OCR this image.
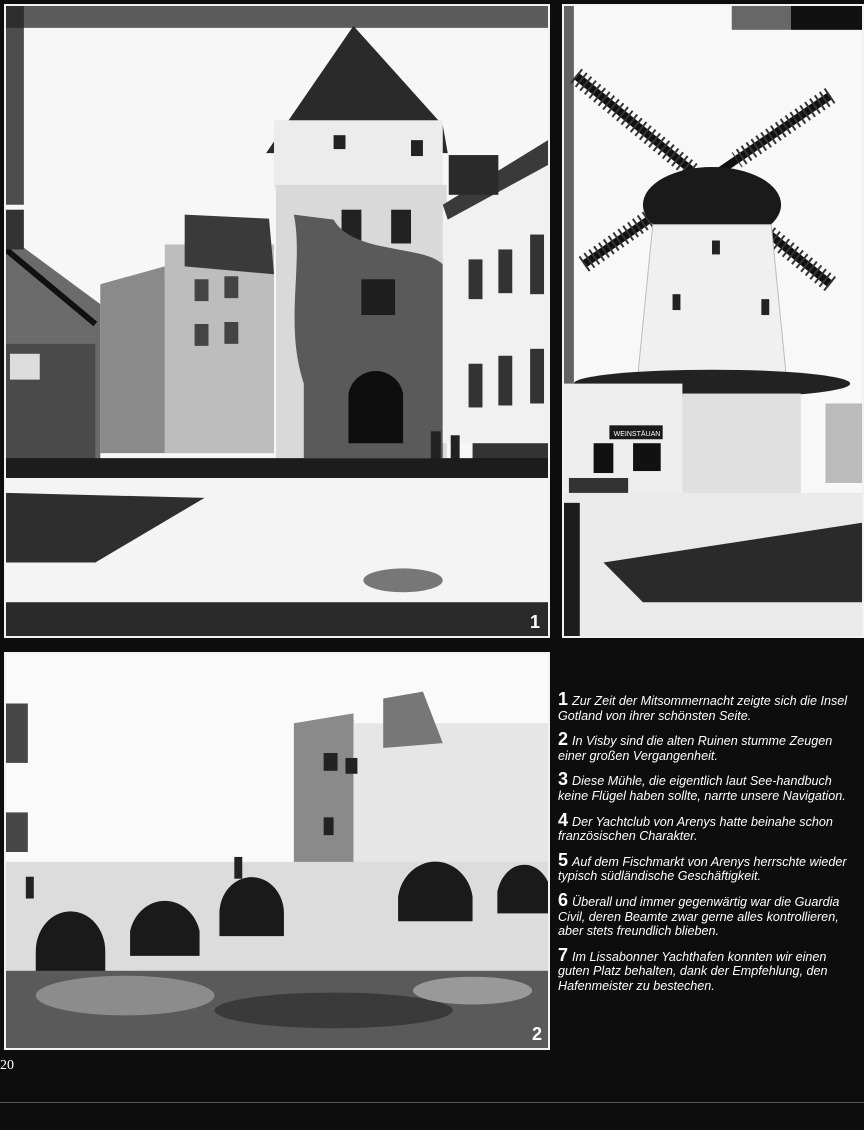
1
WEINSTÄUAN
2

1 Zur Zeit der Mitsommernacht zeigte sich die Insel Gotland von ihrer schönsten Seite.

2 In Visby sind die alten Ruinen stumme Zeugen einer großen Vergangenheit.

3 Diese Mühle, die eigentlich laut See-handbuch keine Flügel haben sollte, narrte unsere Navigation.

4 Der Yachtclub von Arenys hatte beinahe schon französischen Charakter.

5 Auf dem Fischmarkt von Arenys herrschte wieder typisch südländische Geschäftigkeit.

6 Überall und immer gegenwärtig war die Guardia Civil, deren Beamte zwar gerne alles kontrollieren, aber stets freundlich blieben.

7 Im Lissabonner Yachthafen konnten wir einen guten Platz behalten, dank der Empfehlung, den Hafenmeister zu bestechen.

20
